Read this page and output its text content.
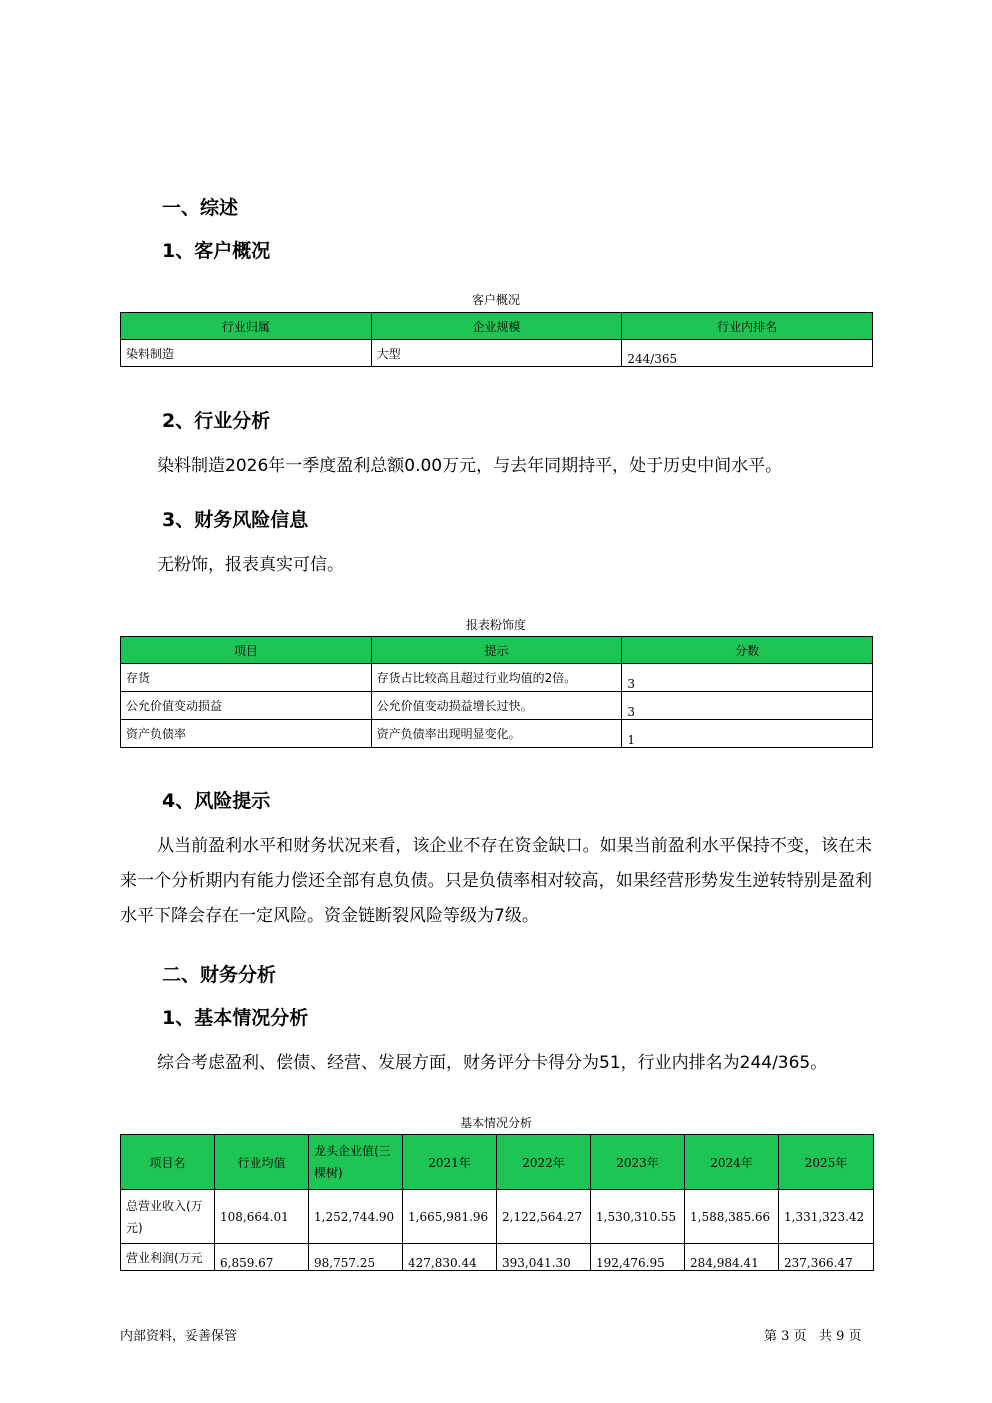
一、综述
1、客户概况
客户概况
行业归属	企业规模	行业内排名
染料制造	大型	244/365
2、行业分析

染料制造2026年一季度盈利总额0.00万元，与去年同期持平，处于历史中间水平。

3、财务风险信息

无粉饰，报表真实可信。

报表粉饰度
项目	提示	分数
存货	存货占比较高且超过行业均值的2倍。	3
公允价值变动损益	公允价值变动损益增长过快。	3
资产负债率	资产负债率出现明显变化。	1
4、风险提示

从当前盈利水平和财务状况来看，该企业不存在资金缺口。如果当前盈利水平保持不变，该在未来一个分析期内有能力偿还全部有息负债。只是负债率相对较高，如果经营形势发生逆转特别是盈利水平下降会存在一定风险。资金链断裂风险等级为7级。

二、财务分析
1、基本情况分析

综合考虑盈利、偿债、经营、发展方面，财务评分卡得分为51，行业内排名为244/365。

基本情况分析
项目名	行业均值	龙头企业值(三棵树)	2021年	2022年	2023年	2024年	2025年
总营业收入(万元)	108,664.01	1,252,744.90	1,665,981.96	2,122,564.27	1,530,310.55	1,588,385.66	1,331,323.42
营业利润(万元	6,859.67	98,757.25	427,830.44	393,041.30	192,476.95	284,984.41	237,366.47
内部资料，妥善保管	第 3 页 共 9 页
